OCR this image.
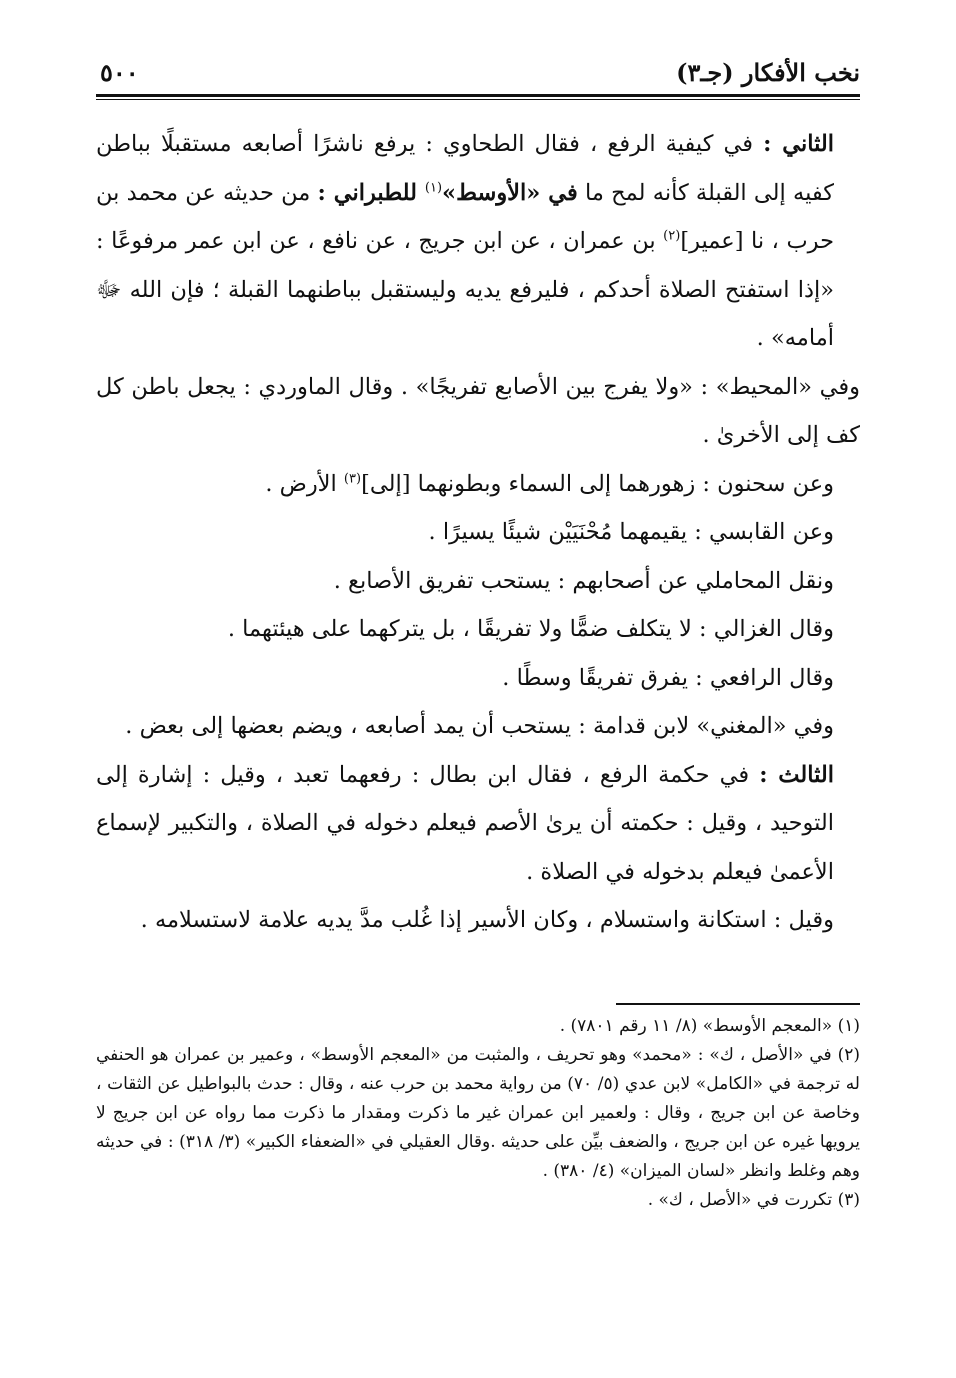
نخب الأفكار (جـ٣)
٥٠٠

الثاني : في كيفية الرفع ، فقال الطحاوي : يرفع ناشرًا أصابعه مستقبلًا بباطن كفيه إلى القبلة كأنه لمح ما في «الأوسط»$^{(١)}$ للطبراني : من حديثه عن محمد بن حرب ، نا [عمير]$^{(٢)}$ بن عمران ، عن ابن جريج ، عن نافع ، عن ابن عمر مرفوعًا : «إذا استفتح الصلاة أحدكم ، فليرفع يديه وليستقبل بباطنهما القبلة ؛ فإن الله ﷻ أمامه» .

وفي «المحيط» : «ولا يفرج بين الأصابع تفريجًا» . وقال الماوردي : يجعل باطن كل كف إلى الأخرىٰ .

وعن سحنون : زهورهما إلى السماء وبطونهما [إلى]$^{(٣)}$ الأرض .

وعن القابسي : يقيمهما مُحْنَيَيْن شيئًا يسيرًا .

ونقل المحاملي عن أصحابهم : يستحب تفريق الأصابع .

وقال الغزالي : لا يتكلف ضمًّا ولا تفريقًا ، بل يتركهما على هيئتهما .

وقال الرافعي : يفرق تفريقًا وسطًا .

وفي «المغني» لابن قدامة : يستحب أن يمد أصابعه ، ويضم بعضها إلى بعض .

الثالث : في حكمة الرفع ، فقال ابن بطال : رفعهما تعبد ، وقيل : إشارة إلى التوحيد ، وقيل : حكمته أن يرىٰ الأصم فيعلم دخوله في الصلاة ، والتكبير لإسماع الأعمىٰ فيعلم بدخوله في الصلاة .

وقيل : استكانة واستسلام ، وكان الأسير إذا غُلب مدَّ يديه علامة لاستسلامه .

(١) «المعجم الأوسط» (٨/ ١١ رقم ٧٨٠١) .

(٢) في «الأصل ، ك» : «محمد» وهو تحريف ، والمثبت من «المعجم الأوسط» ، وعمير بن عمران هو الحنفي له ترجمة في «الكامل» لابن عدي (٥/ ٧٠) من رواية محمد بن حرب عنه ، وقال : حدث بالبواطيل عن الثقات ، وخاصة عن ابن جريج ، وقال : ولعمير ابن عمران غير ما ذكرت ومقدار ما ذكرت مما رواه عن ابن جريج لا يرويها غيره عن ابن جريج ، والضعف بيِّن على حديثه .وقال العقيلي في «الضعفاء الكبير» (٣/ ٣١٨) : في حديثه وهم وغلط وانظر «لسان الميزان» (٤/ ٣٨٠) .

(٣) تكررت في «الأصل ، ك» .
